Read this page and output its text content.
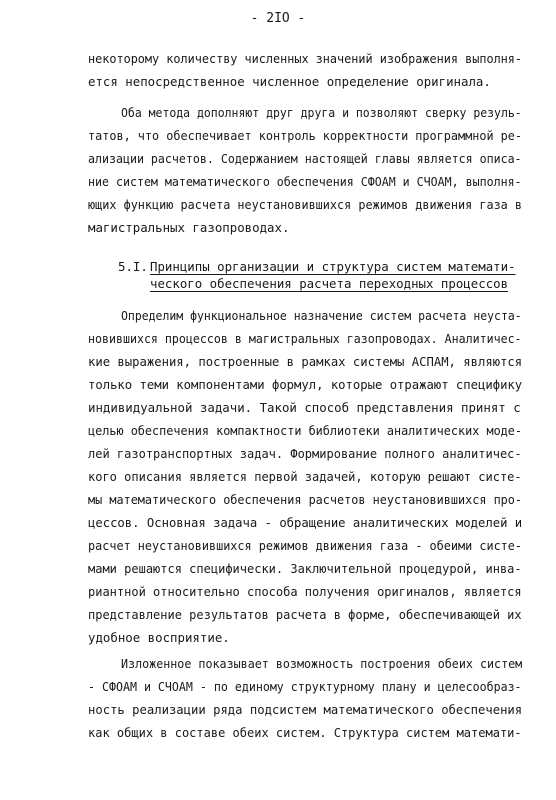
- 2IO -
некоторому количеству численных значений изображения выполня-
ется непосредственное численное определение оригинала.
Оба метода дополняют друг друга и позволяют сверку резуль-
татов, что обеспечивает контроль корректности программной ре-
ализации расчетов. Содержанием настоящей главы является описа-
ние систем математического обеспечения СФОАМ и СЧОАМ, выполня-
ющих функцию расчета неустановившихся режимов движения газа в
магистральных газопроводах.
5.I. Принципы организации и структура систем математи-
ческого обеспечения расчета переходных процессов
Определим функциональное назначение систем расчета неуста-
новившихся процессов в магистральных газопроводах. Аналитичес-
кие выражения, построенные в рамках системы АСПАМ, являются
только теми компонентами формул, которые отражают специфику
индивидуальной задачи. Такой способ представления принят с
целью обеспечения компактности библиотеки аналитических моде-
лей газотранспортных задач. Формирование полного аналитичес-
кого описания является первой задачей, которую решают систе-
мы математического обеспечения расчетов неустановившихся про-
цессов. Основная задача - обращение аналитических моделей и
расчет неустановившихся режимов движения газа - обеими систе-
мами решаются специфически. Заключительной процедурой, инва-
риантной относительно способа получения оригиналов, является
представление результатов расчета в форме, обеспечивающей их
удобное восприятие.
Изложенное показывает возможность построения обеих систем
- СФОАМ и СЧОАМ - по единому структурному плану и целесообраз-
ность реализации ряда подсистем математического обеспечения
как общих в составе обеих систем. Структура систем математи-
